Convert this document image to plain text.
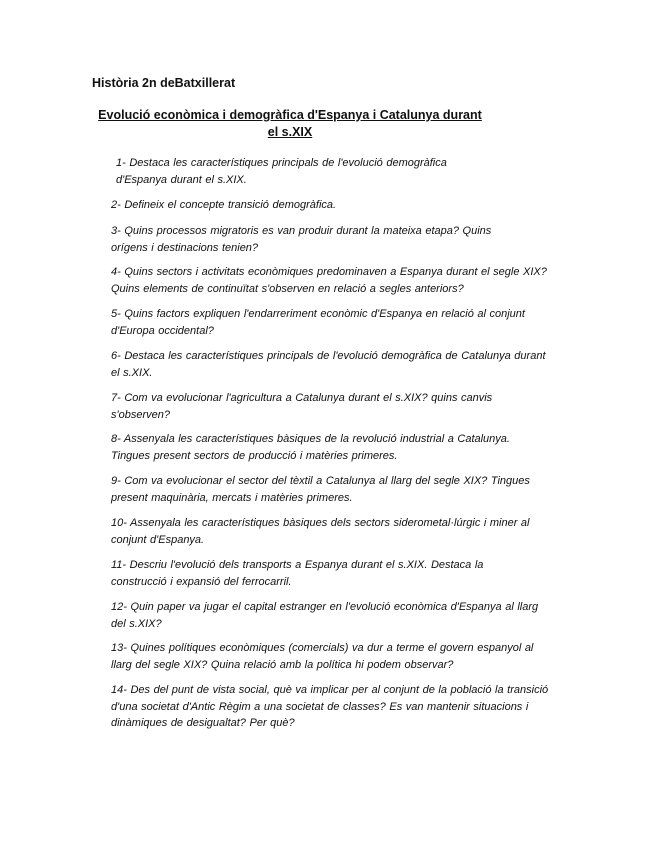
Història 2n deBatxillerat

Evolució econòmica i demogràfica d'Espanya i Catalunya durant
el s.XIX

1- Destaca les característiques principals de l'evolució demogràfica d'Espanya durant el s.XIX.

2- Defineix el concepte transició demogràfica.

3- Quins processos migratoris es van produir durant la mateixa etapa? Quins orígens i destinacions tenien?

4- Quins sectors i activitats econòmiques predominaven a Espanya durant el segle XIX? Quins elements de continuïtat s'observen en relació a segles anteriors?

5- Quins factors expliquen l'endarreriment econòmic d'Espanya en relació al conjunt d'Europa occidental?

6- Destaca les característiques principals de l'evolució demogràfica de Catalunya durant el s.XIX.

7- Com va evolucionar l'agricultura a Catalunya durant el s.XIX? quins canvis s'observen?

8- Assenyala les característiques bàsiques de la revolució industrial a Catalunya. Tingues present sectors de producció i matèries primeres.

9- Com va evolucionar el sector del tèxtil a Catalunya al llarg del segle XIX? Tingues present maquinària, mercats i matèries primeres.

10- Assenyala les característiques bàsiques dels sectors siderometal·lúrgic i miner al conjunt d'Espanya.

11- Descriu l'evolució dels transports a Espanya durant el s.XIX. Destaca la construcció i expansió del ferrocarril.

12- Quin paper va jugar el capital estranger en l'evolució econòmica d'Espanya al llarg del s.XIX?

13- Quines polítiques econòmiques (comercials) va dur a terme el govern espanyol al llarg del segle XIX? Quina relació amb la política hi podem observar?

14- Des del punt de vista social, què va implicar per al conjunt de la població la transició d'una societat d'Antic Règim a una societat de classes? Es van mantenir situacions i dinàmiques de desigualtat? Per què?
